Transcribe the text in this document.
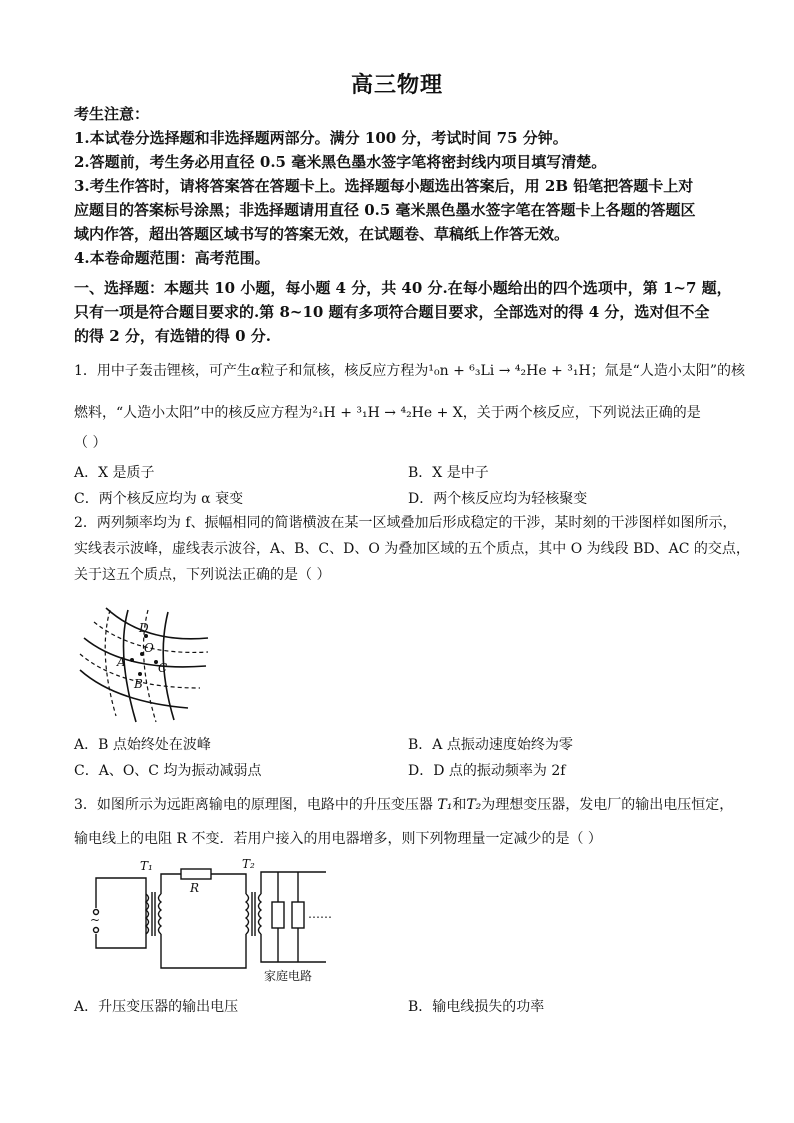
高三物理
考生注意：
1.本试卷分选择题和非选择题两部分。满分 100 分，考试时间 75 分钟。
2.答题前，考生务必用直径 0.5 毫米黑色墨水签字笔将密封线内项目填写清楚。
3.考生作答时，请将答案答在答题卡上。选择题每小题选出答案后，用 2B 铅笔把答题卡上对
应题目的答案标号涂黑；非选择题请用直径 0.5 毫米黑色墨水签字笔在答题卡上各题的答题区
域内作答，超出答题区域书写的答案无效，在试题卷、草稿纸上作答无效。
4.本卷命题范围：高考范围。
一、选择题：本题共 10 小题，每小题 4 分，共 40 分.在每小题给出的四个选项中，第 1~7 题，
只有一项是符合题目要求的.第 8~10 题有多项符合题目要求，全部选对的得 4 分，选对但不全
的得 2 分，有选错的得 0 分.
1．用中子轰击锂核，可产生α粒子和氚核，核反应方程为¹₀n + ⁶₃Li → ⁴₂He + ³₁H；氚是“人造小太阳”的核
燃料，“人造小太阳”中的核反应方程为²₁H + ³₁H → ⁴₂He + X，关于两个核反应，下列说法正确的是
（ ）
A．X 是质子	B．X 是中子
C．两个核反应均为 α 衰变	D．两个核反应均为轻核聚变
2．两列频率均为 f、振幅相同的简谐横波在某一区域叠加后形成稳定的干涉，某时刻的干涉图样如图所示，
实线表示波峰，虚线表示波谷，A、B、C、D、O 为叠加区域的五个质点，其中 O 为线段 BD、AC 的交点，
关于这五个质点，下列说法正确的是（ ）
D
A
O
C
B
A．B 点始终处在波峰	B．A 点振动速度始终为零
C．A、O、C 均为振动减弱点	D．D 点的振动频率为 2f
3．如图所示为远距离输电的原理图，电路中的升压变压器 T₁和T₂为理想变压器，发电厂的输出电压恒定，
输电线上的电阻 R 不变．若用户接入的用电器增多，则下列物理量一定减少的是（ ）
~
T₁
R
T₂
……
家庭电路
A．升压变压器的输出电压	B．输电线损失的功率
